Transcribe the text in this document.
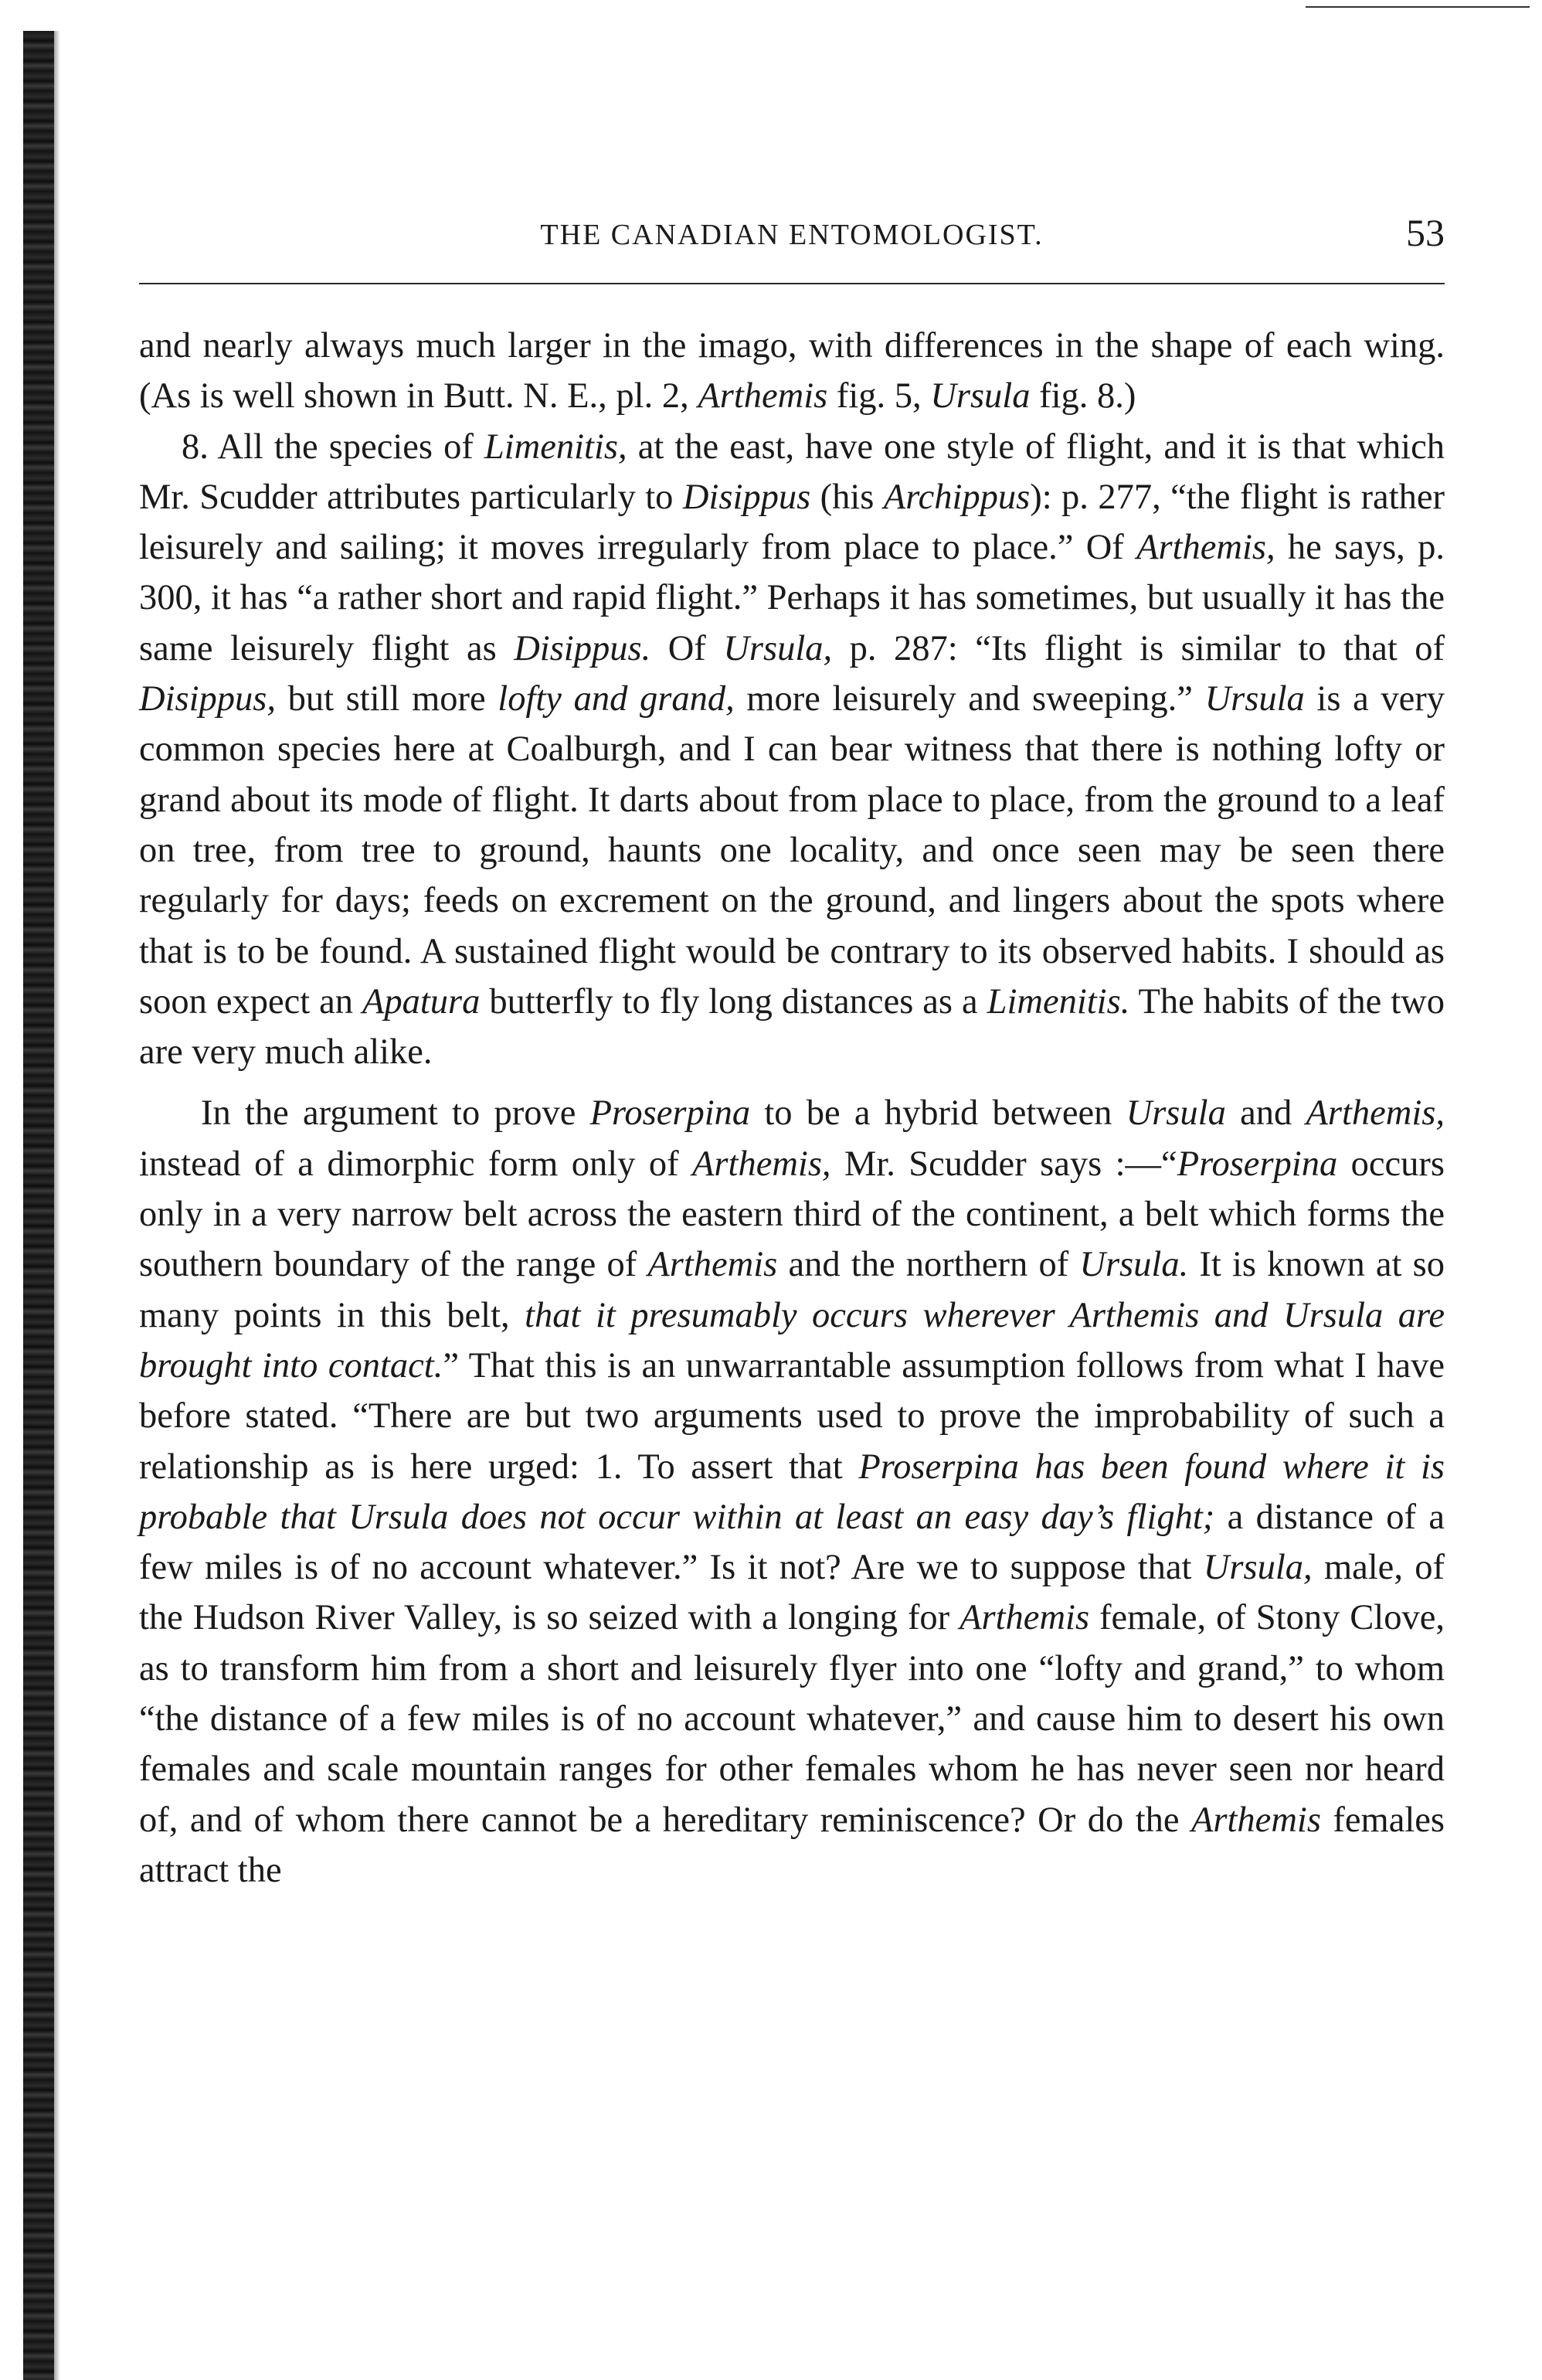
THE CANADIAN ENTOMOLOGIST.	53

and nearly always much larger in the imago, with differences in the shape of each wing. (As is well shown in Butt. N. E., pl. 2, Arthemis fig. 5, Ursula fig. 8.)

8. All the species of Limenitis, at the east, have one style of flight, and it is that which Mr. Scudder attributes particularly to Disippus (his Archippus): p. 277, “the flight is rather leisurely and sailing; it moves irregularly from place to place.” Of Arthemis, he says, p. 300, it has “a rather short and rapid flight.” Perhaps it has sometimes, but usually it has the same leisurely flight as Disippus. Of Ursula, p. 287: “Its flight is similar to that of Disippus, but still more lofty and grand, more leisurely and sweeping.” Ursula is a very common species here at Coalburgh, and I can bear witness that there is nothing lofty or grand about its mode of flight. It darts about from place to place, from the ground to a leaf on tree, from tree to ground, haunts one locality, and once seen may be seen there regularly for days; feeds on excrement on the ground, and lingers about the spots where that is to be found. A sustained flight would be contrary to its observed habits. I should as soon expect an Apatura butterfly to fly long distances as a Limenitis. The habits of the two are very much alike.

In the argument to prove Proserpina to be a hybrid between Ursula and Arthemis, instead of a dimorphic form only of Arthemis, Mr. Scudder says :—“Proserpina occurs only in a very narrow belt across the eastern third of the continent, a belt which forms the southern boundary of the range of Arthemis and the northern of Ursula. It is known at so many points in this belt, that it presumably occurs wherever Arthemis and Ursula are brought into contact.” That this is an unwarrantable assumption follows from what I have before stated. “There are but two arguments used to prove the improbability of such a relationship as is here urged: 1. To assert that Proserpina has been found where it is probable that Ursula does not occur within at least an easy day’s flight; a distance of a few miles is of no account whatever.” Is it not? Are we to suppose that Ursula, male, of the Hudson River Valley, is so seized with a longing for Arthemis female, of Stony Clove, as to transform him from a short and leisurely flyer into one “lofty and grand,” to whom “the distance of a few miles is of no account whatever,” and cause him to desert his own females and scale mountain ranges for other females whom he has never seen nor heard of, and of whom there cannot be a hereditary reminiscence? Or do the Arthemis females attract the
